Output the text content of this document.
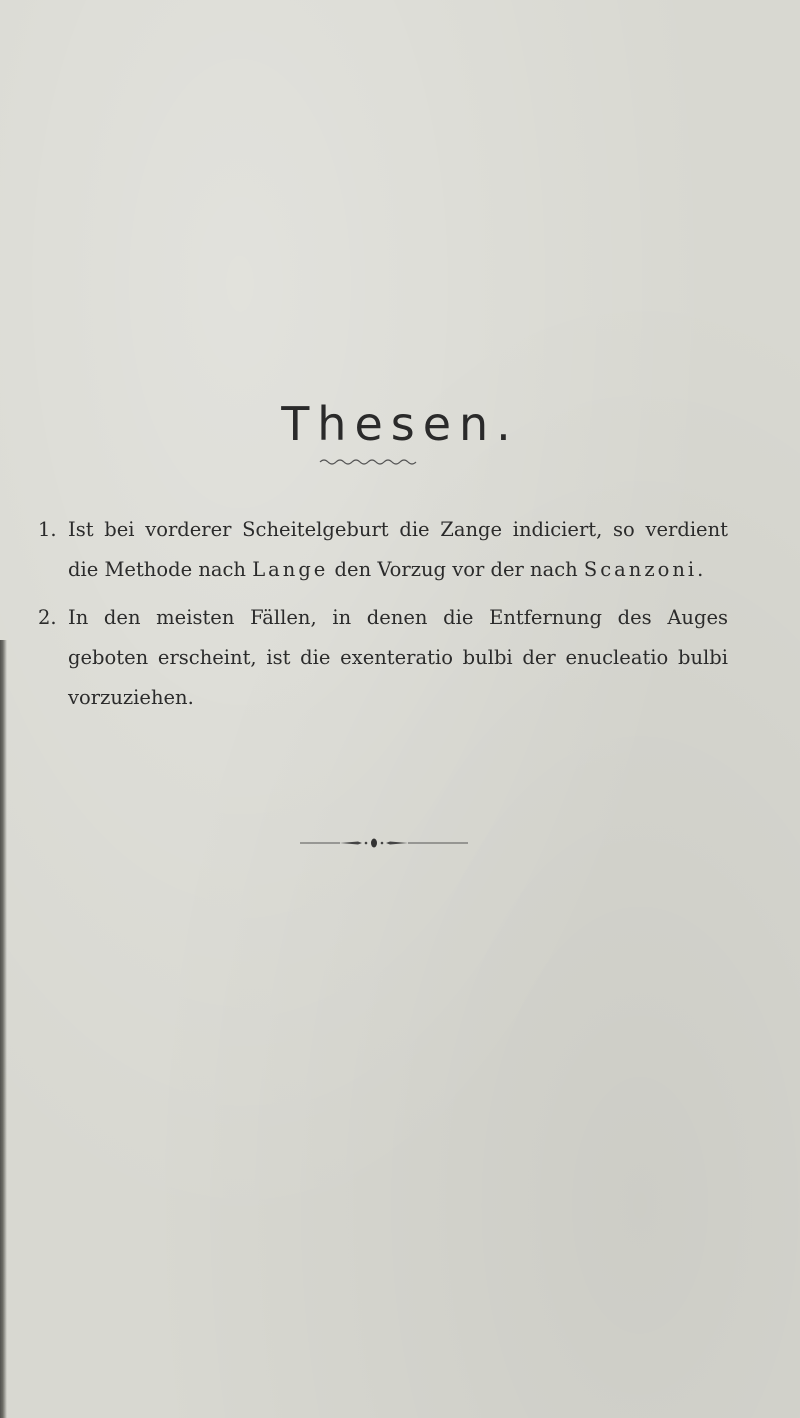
Thesen.
1. Ist bei vorderer Scheitelgeburt die Zange indiciert, so verdient die Methode nach Lange den Vorzug vor der nach Scanzoni.
2. In den meisten Fällen, in denen die Entfernung des Auges geboten erscheint, ist die exenteratio bulbi der enucleatio bulbi vorzuziehen.
